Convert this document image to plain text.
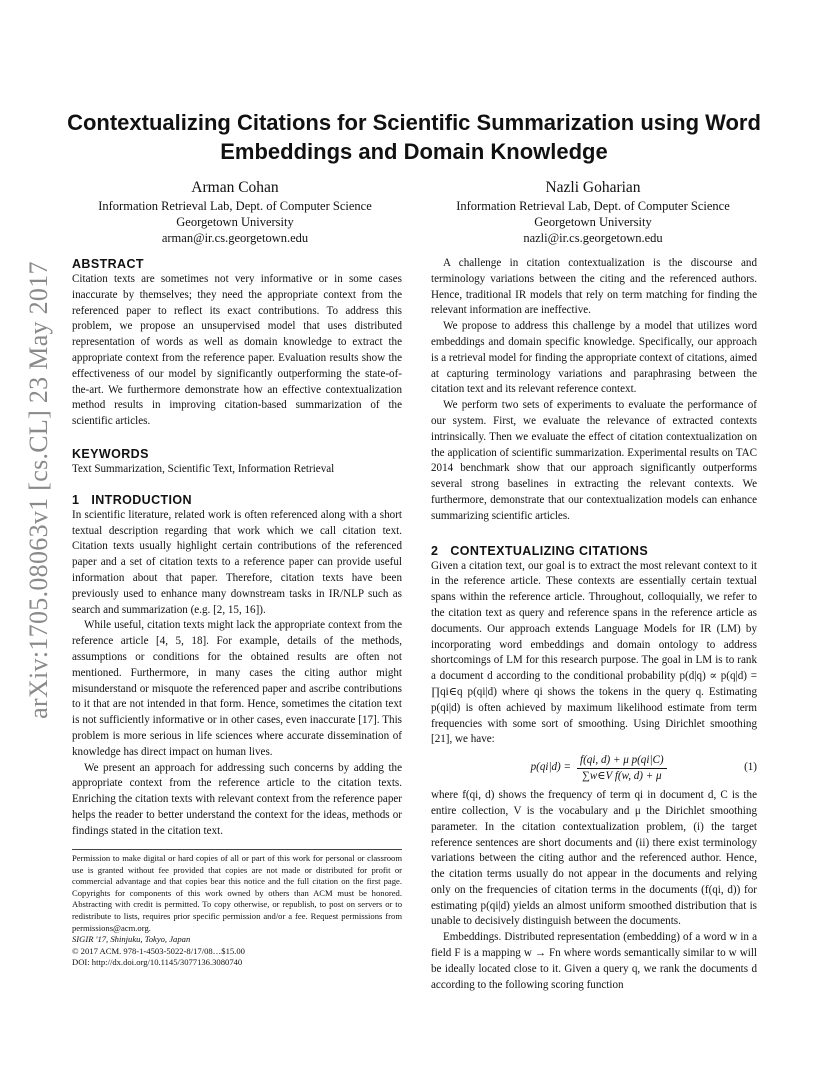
arXiv:1705.08063v1 [cs.CL] 23 May 2017
Contextualizing Citations for Scientific Summarization using Word Embeddings and Domain Knowledge
Arman Cohan
Information Retrieval Lab, Dept. of Computer Science
Georgetown University
arman@ir.cs.georgetown.edu
Nazli Goharian
Information Retrieval Lab, Dept. of Computer Science
Georgetown University
nazli@ir.cs.georgetown.edu
ABSTRACT

Citation texts are sometimes not very informative or in some cases inaccurate by themselves; they need the appropriate context from the referenced paper to reflect its exact contributions. To address this problem, we propose an unsupervised model that uses distributed representation of words as well as domain knowledge to extract the appropriate context from the reference paper. Evaluation results show the effectiveness of our model by significantly outperforming the state-of-the-art. We furthermore demonstrate how an effective contextualization method results in improving citation-based summarization of the scientific articles.

KEYWORDS

Text Summarization, Scientific Text, Information Retrieval

1 INTRODUCTION

In scientific literature, related work is often referenced along with a short textual description regarding that work which we call citation text. Citation texts usually highlight certain contributions of the referenced paper and a set of citation texts to a reference paper can provide useful information about that paper. Therefore, citation texts have been previously used to enhance many downstream tasks in IR/NLP such as search and summarization (e.g. [2, 15, 16]).

While useful, citation texts might lack the appropriate context from the reference article [4, 5, 18]. For example, details of the methods, assumptions or conditions for the obtained results are often not mentioned. Furthermore, in many cases the citing author might misunderstand or misquote the referenced paper and ascribe contributions to it that are not intended in that form. Hence, sometimes the citation text is not sufficiently informative or in other cases, even inaccurate [17]. This problem is more serious in life sciences where accurate dissemination of knowledge has direct impact on human lives.

We present an approach for addressing such concerns by adding the appropriate context from the reference article to the citation texts. Enriching the citation texts with relevant context from the reference paper helps the reader to better understand the context for the ideas, methods or findings stated in the citation text.

Permission to make digital or hard copies of all or part of this work for personal or classroom use is granted without fee provided that copies are not made or distributed for profit or commercial advantage and that copies bear this notice and the full citation on the first page. Copyrights for components of this work owned by others than ACM must be honored. Abstracting with credit is permitted. To copy otherwise, or republish, to post on servers or to redistribute to lists, requires prior specific permission and/or a fee. Request permissions from permissions@acm.org.

SIGIR '17, Shinjuku, Tokyo, Japan

© 2017 ACM. 978-1-4503-5022-8/17/08…$15.00

DOI: http://dx.doi.org/10.1145/3077136.3080740

A challenge in citation contextualization is the discourse and terminology variations between the citing and the referenced authors. Hence, traditional IR models that rely on term matching for finding the relevant information are ineffective.

We propose to address this challenge by a model that utilizes word embeddings and domain specific knowledge. Specifically, our approach is a retrieval model for finding the appropriate context of citations, aimed at capturing terminology variations and paraphrasing between the citation text and its relevant reference context.

We perform two sets of experiments to evaluate the performance of our system. First, we evaluate the relevance of extracted contexts intrinsically. Then we evaluate the effect of citation contextualization on the application of scientific summarization. Experimental results on TAC 2014 benchmark show that our approach significantly outperforms several strong baselines in extracting the relevant contexts. We furthermore, demonstrate that our contextualization models can enhance summarizing scientific articles.

2 CONTEXTUALIZING CITATIONS

Given a citation text, our goal is to extract the most relevant context to it in the reference article. These contexts are essentially certain textual spans within the reference article. Throughout, colloquially, we refer to the citation text as query and reference spans in the reference article as documents. Our approach extends Language Models for IR (LM) by incorporating word embeddings and domain ontology to address shortcomings of LM for this research purpose. The goal in LM is to rank a document d according to the conditional probability p(d|q) ∝ p(q|d) = ∏qi∈q p(qi|d) where qi shows the tokens in the query q. Estimating p(qi|d) is often achieved by maximum likelihood estimate from term frequencies with some sort of smoothing. Using Dirichlet smoothing [21], we have:

$p(qi|d) = \frac{\text{f(qi, d) + μ p(qi|C)}}{\text{∑w∈V f(w, d) + μ}}$	(1)

where f(qi, d) shows the frequency of term qi in document d, C is the entire collection, V is the vocabulary and μ the Dirichlet smoothing parameter. In the citation contextualization problem, (i) the target reference sentences are short documents and (ii) there exist terminology variations between the citing author and the referenced author. Hence, the citation terms usually do not appear in the documents and relying only on the frequencies of citation terms in the documents (f(qi, d)) for estimating p(qi|d) yields an almost uniform smoothed distribution that is unable to decisively distinguish between the documents.

Embeddings. Distributed representation (embedding) of a word w in a field F is a mapping w → Fn where words semantically similar to w will be ideally located close to it. Given a query q, we rank the documents d according to the following scoring function
